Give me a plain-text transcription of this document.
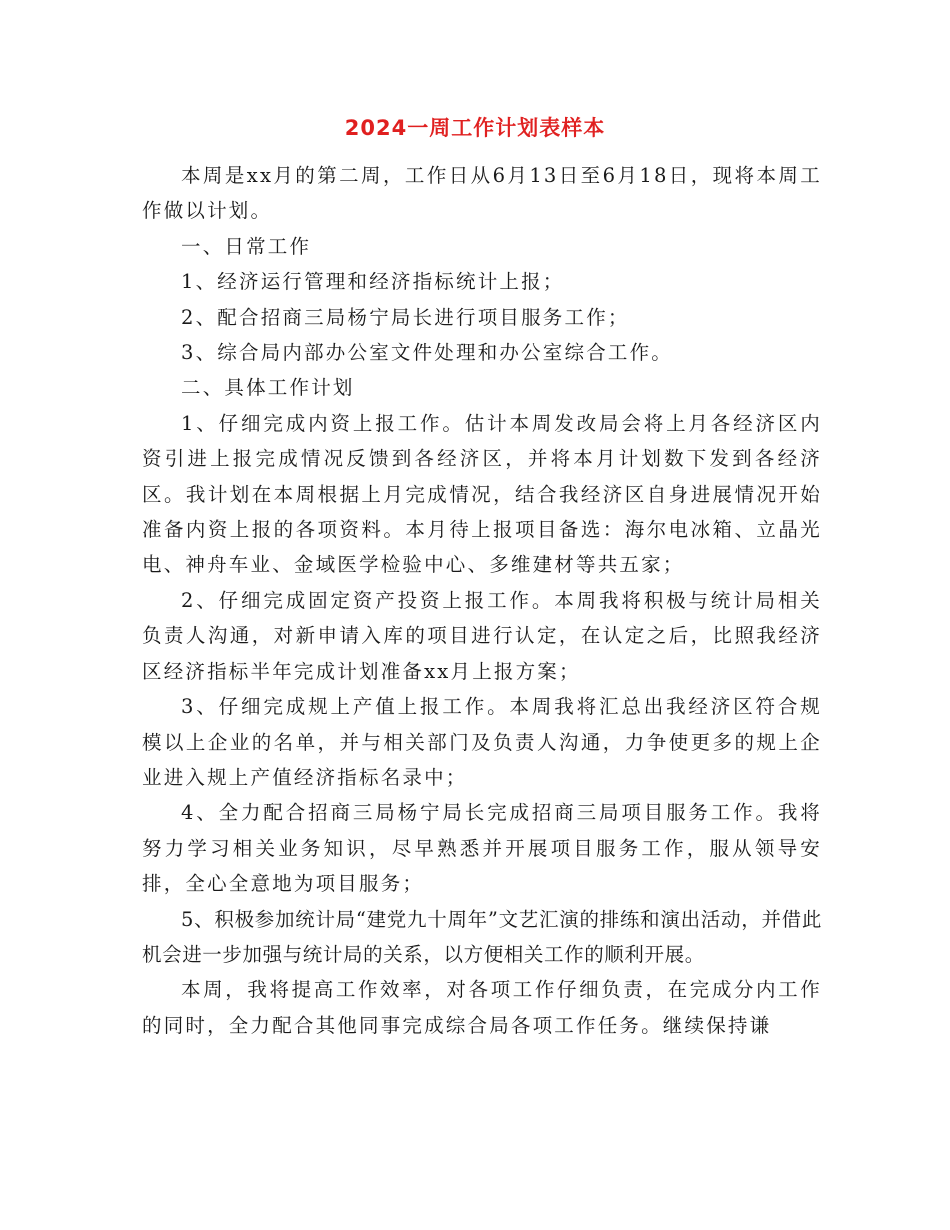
2024一周工作计划表样本

本周是xx月的第二周，工作日从6月13日至6月18日，现将本周工作做以计划。

一、日常工作

1、经济运行管理和经济指标统计上报；

2、配合招商三局杨宁局长进行项目服务工作；

3、综合局内部办公室文件处理和办公室综合工作。

二、具体工作计划

1、仔细完成内资上报工作。估计本周发改局会将上月各经济区内资引进上报完成情况反馈到各经济区，并将本月计划数下发到各经济区。我计划在本周根据上月完成情况，结合我经济区自身进展情况开始准备内资上报的各项资料。本月待上报项目备选：海尔电冰箱、立晶光电、神舟车业、金域医学检验中心、多维建材等共五家；

2、仔细完成固定资产投资上报工作。本周我将积极与统计局相关负责人沟通，对新申请入库的项目进行认定，在认定之后，比照我经济区经济指标半年完成计划准备xx月上报方案；

3、仔细完成规上产值上报工作。本周我将汇总出我经济区符合规模以上企业的名单，并与相关部门及负责人沟通，力争使更多的规上企业进入规上产值经济指标名录中；

4、全力配合招商三局杨宁局长完成招商三局项目服务工作。我将努力学习相关业务知识，尽早熟悉并开展项目服务工作，服从领导安排，全心全意地为项目服务；

5、积极参加统计局“建党九十周年”文艺汇演的排练和演出活动，并借此机会进一步加强与统计局的关系，以方便相关工作的顺利开展。

本周，我将提高工作效率，对各项工作仔细负责，在完成分内工作的同时，全力配合其他同事完成综合局各项工作任务。继续保持谦
